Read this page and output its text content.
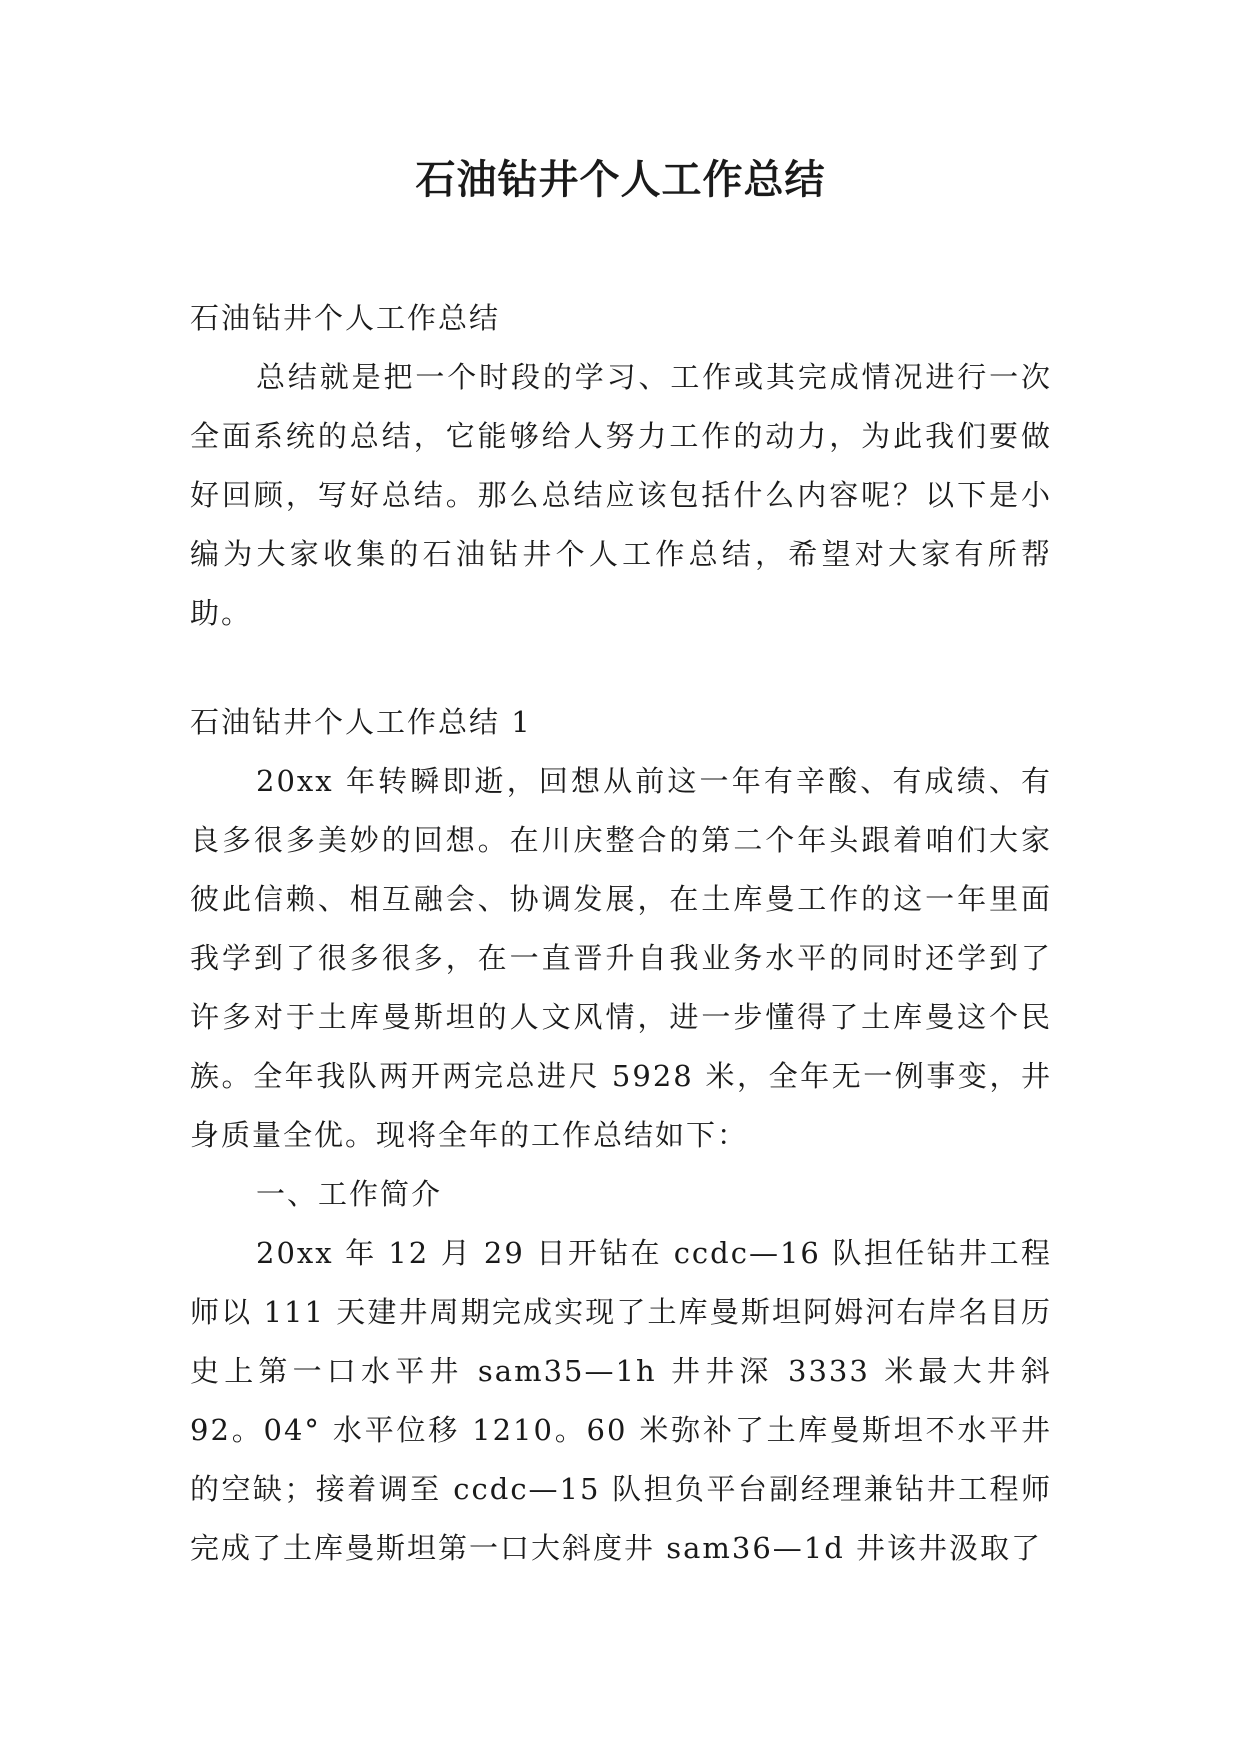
石油钻井个人工作总结

石油钻井个人工作总结

总结就是把一个时段的学习、工作或其完成情况进行一次全面系统的总结，它能够给人努力工作的动力，为此我们要做好回顾，写好总结。那么总结应该包括什么内容呢？以下是小编为大家收集的石油钻井个人工作总结，希望对大家有所帮助。

石油钻井个人工作总结 1

20xx 年转瞬即逝，回想从前这一年有辛酸、有成绩、有良多很多美妙的回想。在川庆整合的第二个年头跟着咱们大家彼此信赖、相互融会、协调发展，在土库曼工作的这一年里面我学到了很多很多，在一直晋升自我业务水平的同时还学到了许多对于土库曼斯坦的人文风情，进一步懂得了土库曼这个民族。全年我队两开两完总进尺 5928 米，全年无一例事变，井身质量全优。现将全年的工作总结如下：

一、工作简介

20xx 年 12 月 29 日开钻在 ccdc—16 队担任钻井工程师以 111 天建井周期完成实现了土库曼斯坦阿姆河右岸名目历史上第一口水平井 sam35—1h 井井深 3333 米最大井斜 92。04° 水平位移 1210。60 米弥补了土库曼斯坦不水平井的空缺；接着调至 ccdc—15 队担负平台副经理兼钻井工程师完成了土库曼斯坦第一口大斜度井 sam36—1d 井该井汲取了
